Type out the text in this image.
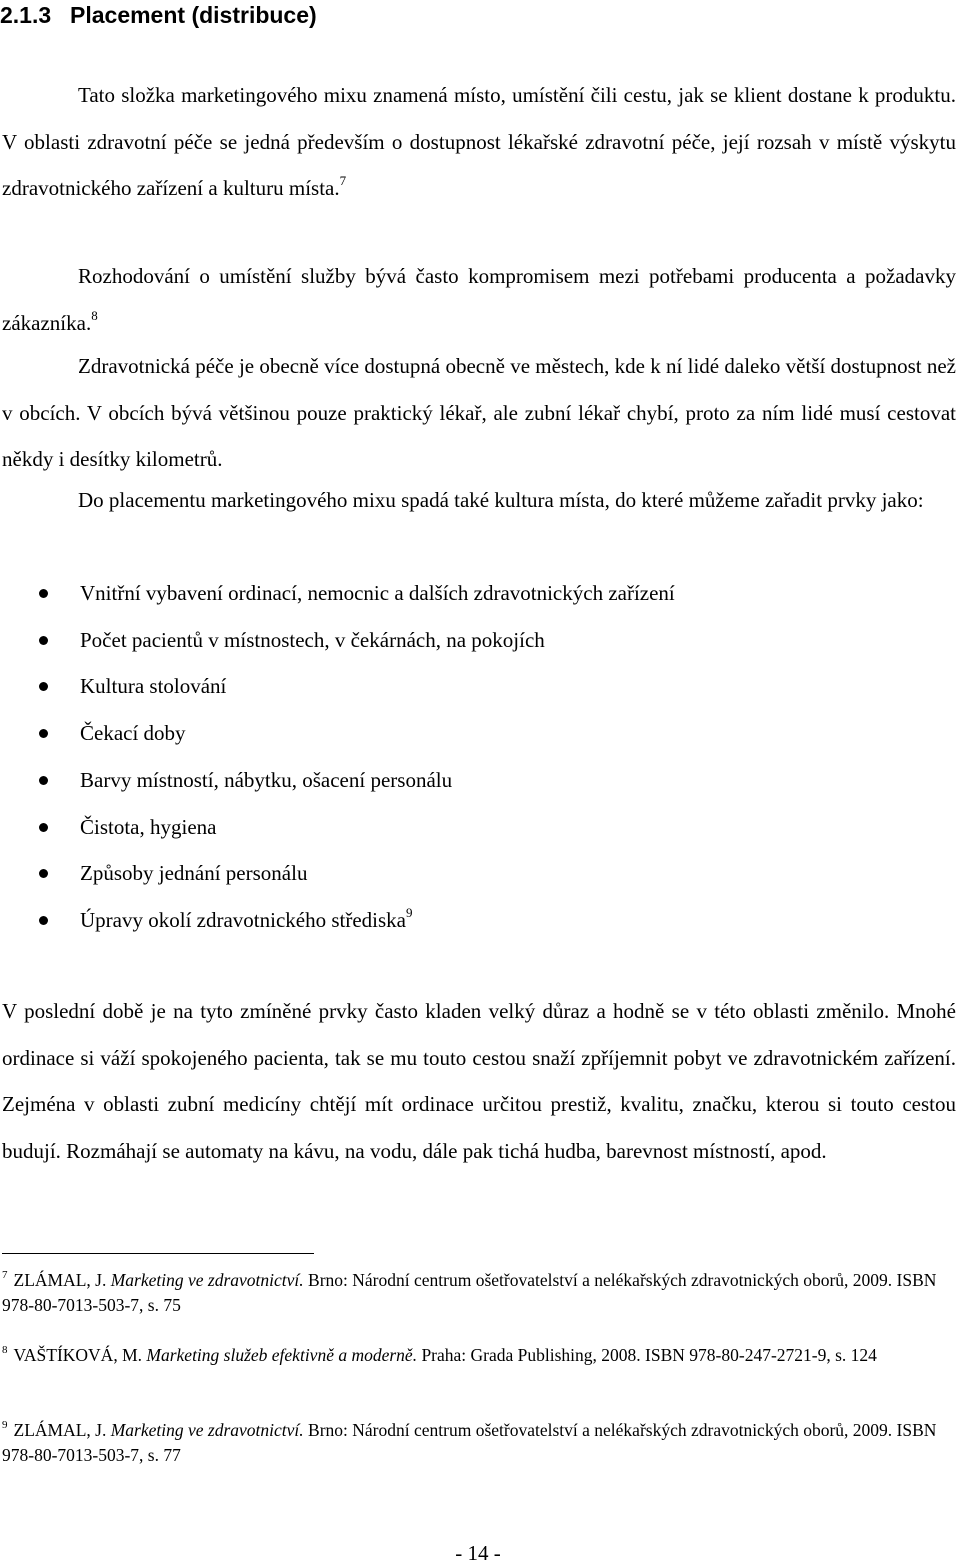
2.1.3 Placement (distribuce)

Tato složka marketingového mixu znamená místo, umístění čili cestu, jak se klient dostane k produktu. V oblasti zdravotní péče se jedná především o dostupnost lékařské zdravotní péče, její rozsah v místě výskytu zdravotnického zařízení a kulturu místa.$^7$

Rozhodování o umístění služby bývá často kompromisem mezi potřebami producenta a požadavky zákazníka.$^8$

Zdravotnická péče je obecně více dostupná obecně ve městech, kde k ní lidé daleko větší dostupnost než v obcích. V obcích bývá většinou pouze praktický lékař, ale zubní lékař chybí, proto za ním lidé musí cestovat někdy i desítky kilometrů.

Do placementu marketingového mixu spadá také kultura místa, do které můžeme zařadit prvky jako:

Vnitřní vybavení ordinací, nemocnic a dalších zdravotnických zařízení
Počet pacientů v místnostech, v čekárnách, na pokojích
Kultura stolování
Čekací doby
Barvy místností, nábytku, ošacení personálu
Čistota, hygiena
Způsoby jednání personálu
Úpravy okolí zdravotnického střediska$^9$

V poslední době je na tyto zmíněné prvky často kladen velký důraz a hodně se v této oblasti změnilo. Mnohé ordinace si váží spokojeného pacienta, tak se mu touto cestou snaží zpříjemnit pobyt ve zdravotnickém zařízení. Zejména v oblasti zubní medicíny chtějí mít ordinace určitou prestiž, kvalitu, značku, kterou si touto cestou budují. Rozmáhají se automaty na kávu, na vodu, dále pak tichá hudba, barevnost místností, apod.

$^7$ ZLÁMAL, J. Marketing ve zdravotnictví. Brno: Národní centrum ošetřovatelství a nelékařských zdravotnických oborů, 2009. ISBN 978-80-7013-503-7, s. 75

$^8$ VAŠTÍKOVÁ, M. Marketing služeb efektivně a moderně. Praha: Grada Publishing, 2008. ISBN 978-80-247-2721-9, s. 124

$^9$ ZLÁMAL, J. Marketing ve zdravotnictví. Brno: Národní centrum ošetřovatelství a nelékařských zdravotnických oborů, 2009. ISBN 978-80-7013-503-7, s. 77

- 14 -
